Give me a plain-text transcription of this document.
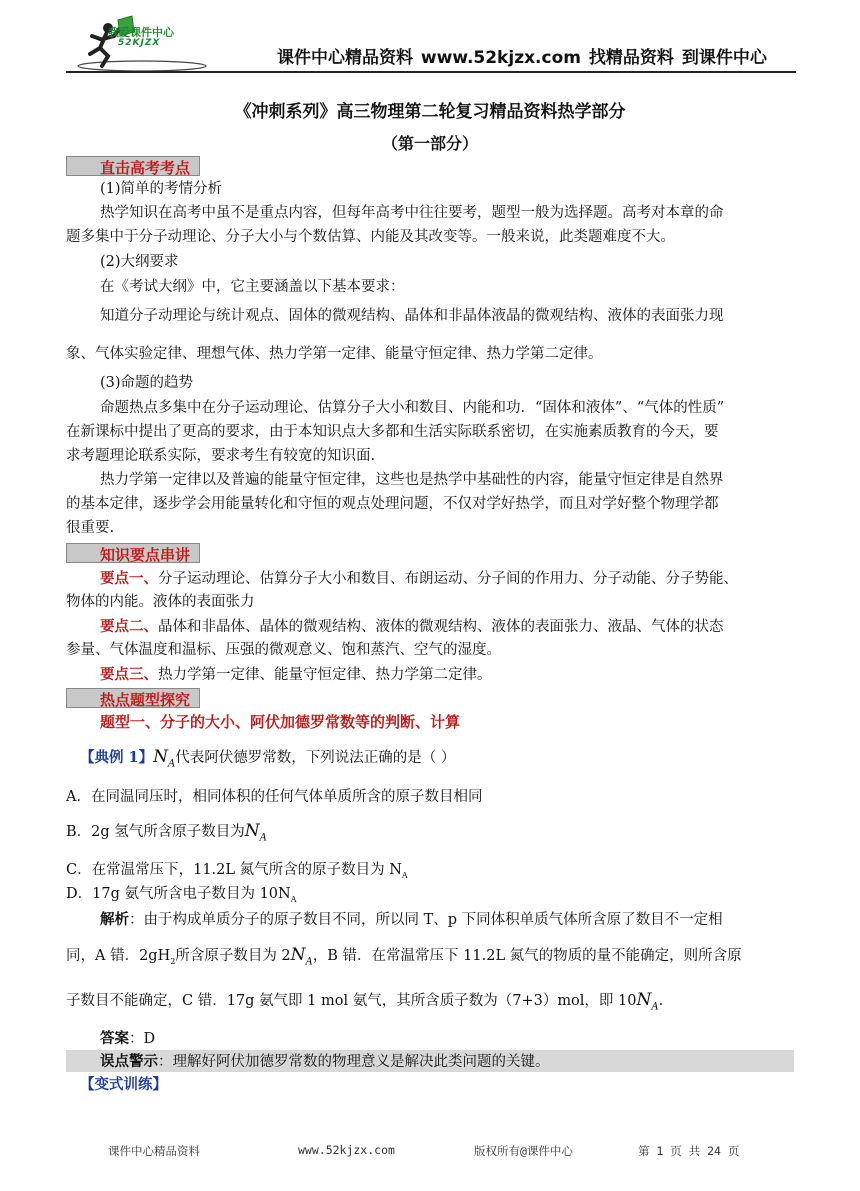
我爱课件中心
52KJZX
课件中心精品资料 www.52kjzx.com 找精品资料 到课件中心
《冲刺系列》高三物理第二轮复习精品资料热学部分
（第一部分）
直击高考考点
(1)简单的考情分析
热学知识在高考中虽不是重点内容，但每年高考中往往要考，题型一般为选择题。高考对本章的命
题多集中于分子动理论、分子大小与个数估算、内能及其改变等。一般来说，此类题难度不大。
(2)大纲要求
在《考试大纲》中，它主要涵盖以下基本要求：
知道分子动理论与统计观点、固体的微观结构、晶体和非晶体液晶的微观结构、液体的表面张力现
象、气体实验定律、理想气体、热力学第一定律、能量守恒定律、热力学第二定律。
(3)命题的趋势
命题热点多集中在分子运动理论、估算分子大小和数目、内能和功．“固体和液体”、“气体的性质”
在新课标中提出了更高的要求，由于本知识点大多都和生活实际联系密切，在实施素质教育的今天，要
求考题理论联系实际，要求考生有较宽的知识面.
热力学第一定律以及普遍的能量守恒定律，这些也是热学中基础性的内容，能量守恒定律是自然界
的基本定律，逐步学会用能量转化和守恒的观点处理问题，不仅对学好热学，而且对学好整个物理学都
很重要.
知识要点串讲
要点一、分子运动理论、估算分子大小和数目、布朗运动、分子间的作用力、分子动能、分子势能、
物体的内能。液体的表面张力
要点二、晶体和非晶体、晶体的微观结构、液体的微观结构、液体的表面张力、液晶、气体的状态
参量、气体温度和温标、压强的微观意义、饱和蒸汽、空气的湿度。
要点三、热力学第一定律、能量守恒定律、热力学第二定律。
热点题型探究
题型一、分子的大小、阿伏加德罗常数等的判断、计算
【典例 1】$N_A$代表阿伏德罗常数，下列说法正确的是（ ）
A．在同温同压时，相同体积的任何气体单质所含的原子数目相同
B．2g 氢气所含原子数目为$N_A$
C．在常温常压下，11.2L 氮气所含的原子数目为 $N_A$
D．17g 氨气所含电子数目为 $10N_A$
解析：由于构成单质分子的原子数目不同，所以同 T、p 下同体积单质气体所含原了数目不一定相
同，A 错．$2gH_2$所含原子数目为 $2N_A$，B 错．在常温常压下 11.2L 氮气的物质的量不能确定，则所含原
子数目不能确定，C 错．17g 氨气即 1 mol 氨气，其所含质子数为（7+3）mol，即 $10N_A$.
答案：D
误点警示：理解好阿伏加德罗常数的物理意义是解决此类问题的关键。
【变式训练】
课件中心精品资料	www.52kjzx.com	版权所有@课件中心	第 1 页 共 24 页
